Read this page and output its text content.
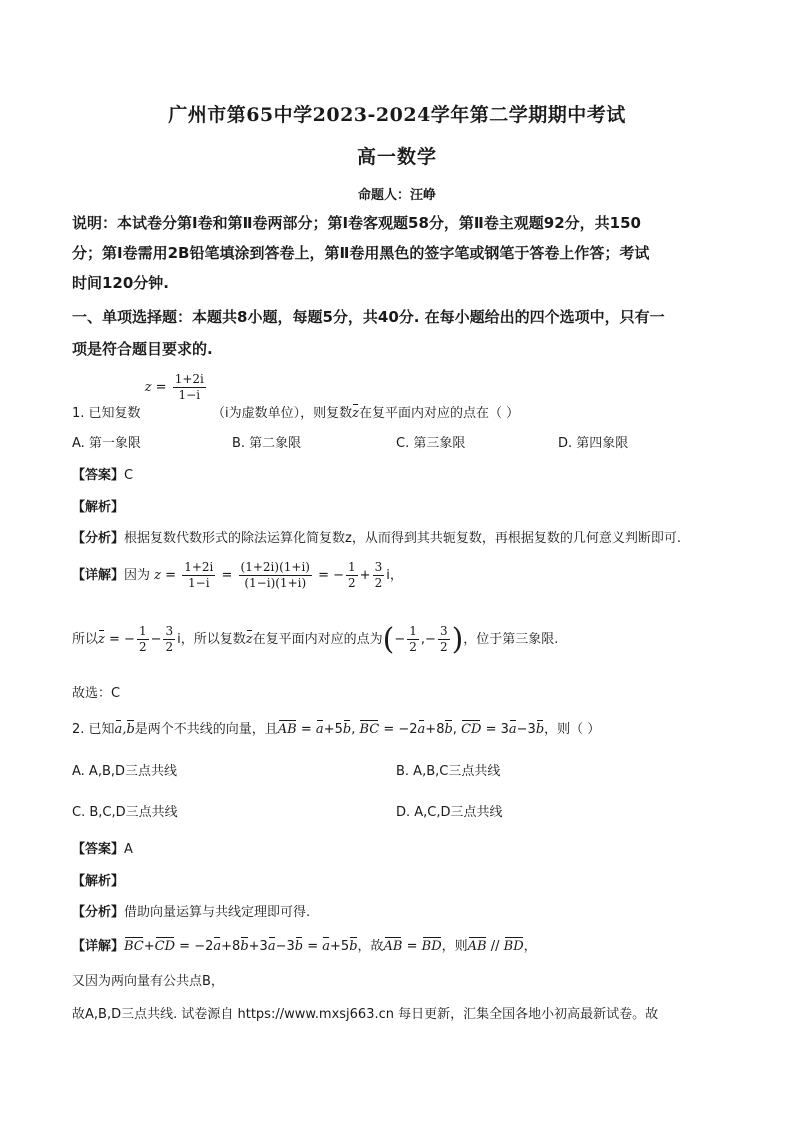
广州市第65中学2023-2024学年第二学期期中考试
高一数学
命题人：汪峥
说明：本试卷分第Ⅰ卷和第Ⅱ卷两部分；第Ⅰ卷客观题58分，第Ⅱ卷主观题92分，共150
分；第Ⅰ卷需用2B铅笔填涂到答卷上，第Ⅱ卷用黑色的签字笔或钢笔于答卷上作答；考试
时间120分钟.
一、单项选择题：本题共8小题，每题5分，共40分. 在每小题给出的四个选项中，只有一
项是符合题目要求的.
1. 已知复数 $z = \frac{1+2i}{1-i}$
（i为虚数单位），则复数z在复平面内对应的点在（ ）
A. 第一象限	B. 第二象限	C. 第三象限	D. 第四象限
【答案】C
【解析】
【分析】根据复数代数形式的除法运算化简复数z，从而得到其共轭复数，再根据复数的几何意义判断即可.
【详解】因为 $z = \frac{1+2i}{1-i} = \frac{(1+2i)(1+i)}{(1-i)(1+i)}$ = − $\frac{1}{2} + \frac{3}{2}$ i，
所以z = − $\frac{1}{2} - \frac{3}{2}$ i，所以复数z在复平面内对应的点为(− $\frac{1}{2}$ ,− $\frac{3}{2}$ )，位于第三象限.
故选：C
2. 已知a,b是两个不共线的向量，且AB = a+5b, BC = −2a+8b, CD = 3a−3b，则（ ）
A. A,B,D三点共线	B. A,B,C三点共线
C. B,C,D三点共线	D. A,C,D三点共线
【答案】A
【解析】
【分析】借助向量运算与共线定理即可得.
【详解】BC+CD = −2a+8b+3a−3b = a+5b，故AB = BD，则AB // BD，
又因为两向量有公共点B，
故A,B,D三点共线. 试卷源自 https://www.mxsj663.cn 每日更新，汇集全国各地小初高最新试卷。故
